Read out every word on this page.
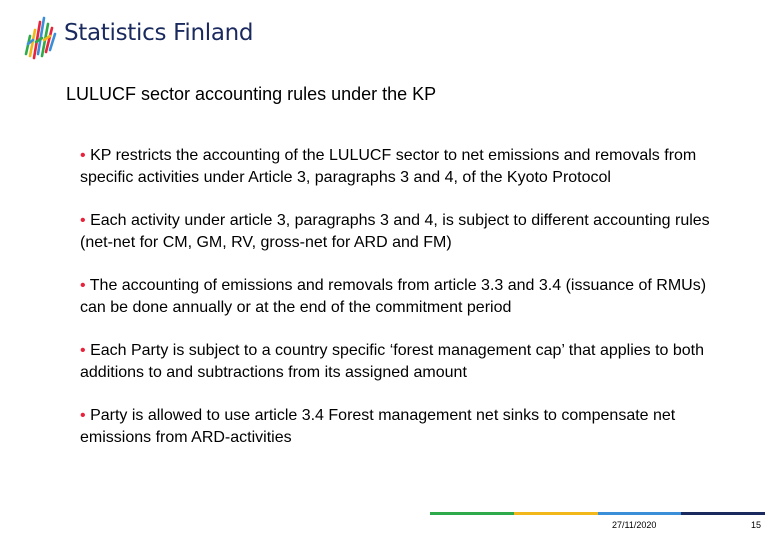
Statistics Finland
LULUCF sector accounting rules under the KP
• KP restricts the accounting of the LULUCF sector to net emissions and removals from specific activities under Article 3, paragraphs 3 and 4, of the Kyoto Protocol
• Each activity under article 3, paragraphs 3 and 4, is subject to different accounting rules (net-net for CM, GM, RV, gross-net for ARD and FM)
• The accounting of emissions and removals from article 3.3 and 3.4 (issuance of RMUs) can be done annually or at the end of the commitment period
• Each Party is subject to a country specific ‘forest management cap’ that applies to both additions to and subtractions from its assigned amount
• Party is allowed to use article 3.4 Forest management net sinks to compensate net emissions from ARD-activities
27/11/2020	15
